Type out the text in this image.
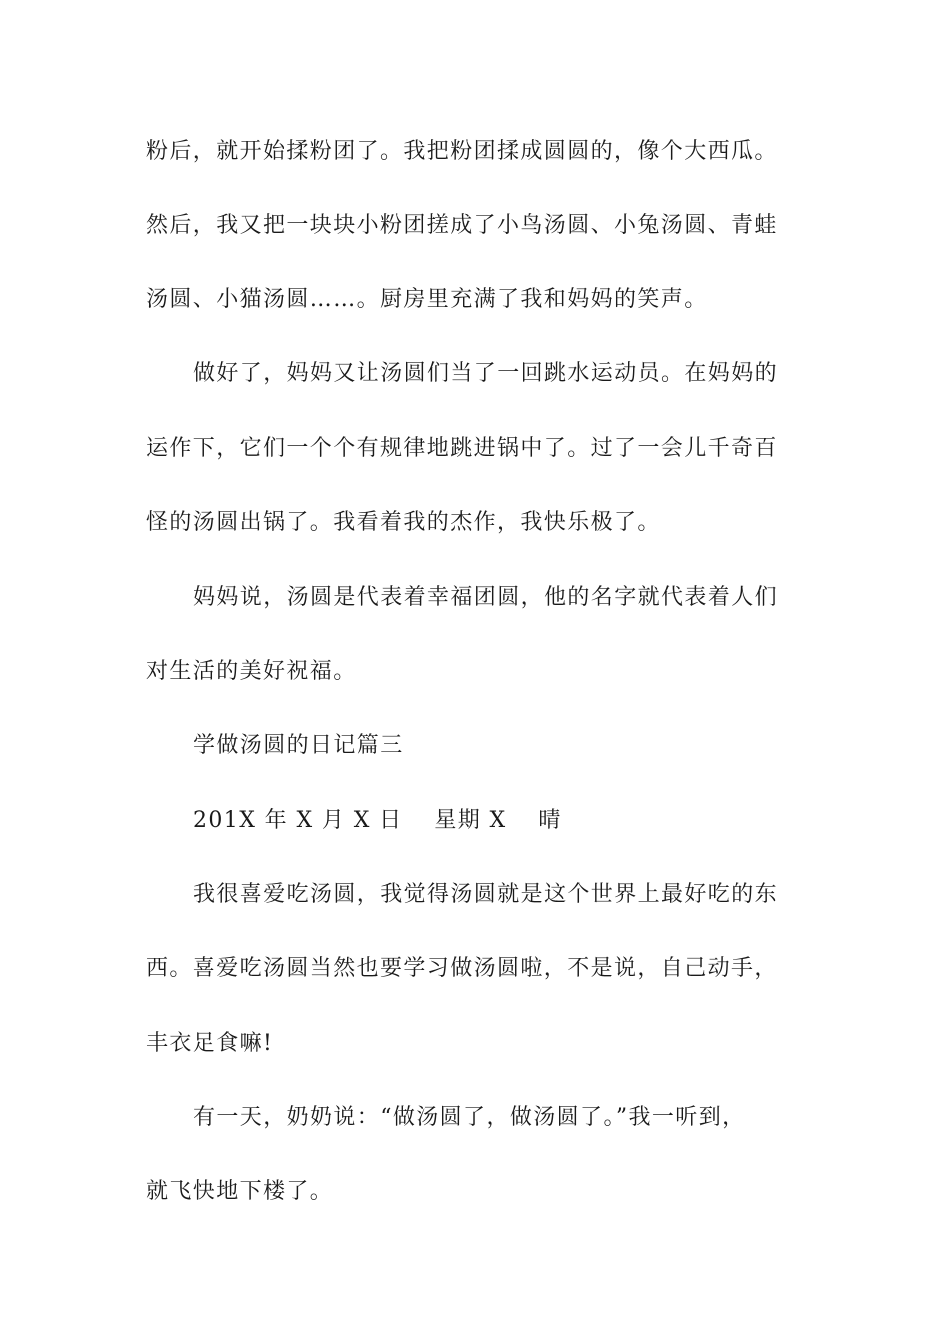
粉后，就开始揉粉团了。我把粉团揉成圆圆的，像个大西瓜。

然后，我又把一块块小粉团搓成了小鸟汤圆、小兔汤圆、青蛙

汤圆、小猫汤圆……。厨房里充满了我和妈妈的笑声。

做好了，妈妈又让汤圆们当了一回跳水运动员。在妈妈的

运作下，它们一个个有规律地跳进锅中了。过了一会儿千奇百

怪的汤圆出锅了。我看着我的杰作，我快乐极了。

妈妈说，汤圆是代表着幸福团圆，他的名字就代表着人们

对生活的美好祝福。

学做汤圆的日记篇三

201X 年 X 月 X 日　 星期 X　 晴

我很喜爱吃汤圆，我觉得汤圆就是这个世界上最好吃的东

西。喜爱吃汤圆当然也要学习做汤圆啦，不是说，自己动手，

丰衣足食嘛!

有一天，奶奶说：“做汤圆了，做汤圆了。”我一听到，

就飞快地下楼了。
